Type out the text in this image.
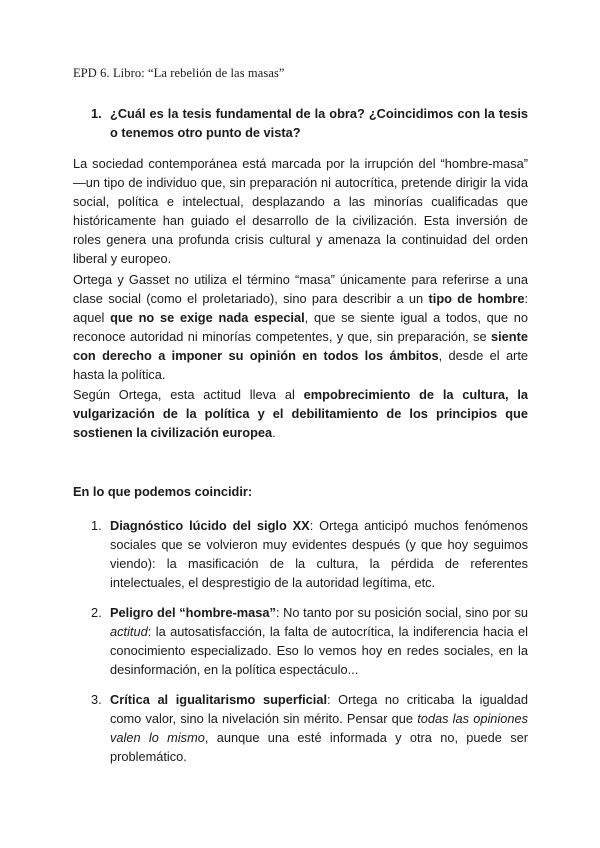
EPD 6. Libro: “La rebelión de las masas”

1. ¿Cuál es la tesis fundamental de la obra? ¿Coincidimos con la tesis o tenemos otro punto de vista?

La sociedad contemporánea está marcada por la irrupción del “hombre-masa” —un tipo de individuo que, sin preparación ni autocrítica, pretende dirigir la vida social, política e intelectual, desplazando a las minorías cualificadas que históricamente han guiado el desarrollo de la civilización. Esta inversión de roles genera una profunda crisis cultural y amenaza la continuidad del orden liberal y europeo.

Ortega y Gasset no utiliza el término “masa” únicamente para referirse a una clase social (como el proletariado), sino para describir a un tipo de hombre: aquel que no se exige nada especial, que se siente igual a todos, que no reconoce autoridad ni minorías competentes, y que, sin preparación, se siente con derecho a imponer su opinión en todos los ámbitos, desde el arte hasta la política.

Según Ortega, esta actitud lleva al empobrecimiento de la cultura, la vulgarización de la política y el debilitamiento de los principios que sostienen la civilización europea.

En lo que podemos coincidir:

1. Diagnóstico lúcido del siglo XX: Ortega anticipó muchos fenómenos sociales que se volvieron muy evidentes después (y que hoy seguimos viendo): la masificación de la cultura, la pérdida de referentes intelectuales, el desprestigio de la autoridad legítima, etc.
2. Peligro del “hombre-masa”: No tanto por su posición social, sino por su actitud: la autosatisfacción, la falta de autocrítica, la indiferencia hacia el conocimiento especializado. Eso lo vemos hoy en redes sociales, en la desinformación, en la política espectáculo...
3. Crítica al igualitarismo superficial: Ortega no criticaba la igualdad como valor, sino la nivelación sin mérito. Pensar que todas las opiniones valen lo mismo, aunque una esté informada y otra no, puede ser problemático.
